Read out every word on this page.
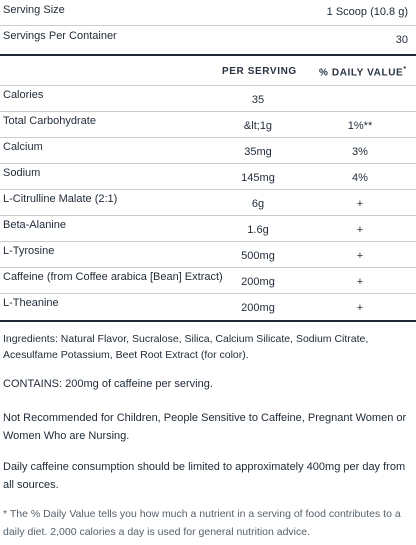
Serving Size	1 Scoop (10.8 g)
Servings Per Container	30
PER SERVING % DAILY VALUE*
Calories	35
Total Carbohydrate	&lt;1g	1%**
Calcium	35mg	3%
Sodium	145mg	4%
L-Citrulline Malate (2:1)	6g	+
Beta-Alanine	1.6g	+
L-Tyrosine	500mg	+
Caffeine (from Coffee arabica [Bean] Extract)	200mg	+
L-Theanine	200mg	+
Ingredients: Natural Flavor, Sucralose, Silica, Calcium Silicate, Sodium Citrate, Acesulfame Potassium, Beet Root Extract (for color).
CONTAINS: 200mg of caffeine per serving.
Not Recommended for Children, People Sensitive to Caffeine, Pregnant Women or Women Who are Nursing.
Daily caffeine consumption should be limited to approximately 400mg per day from all sources.
* The % Daily Value tells you how much a nutrient in a serving of food contributes to a daily diet. 2,000 calories a day is used for general nutrition advice.
